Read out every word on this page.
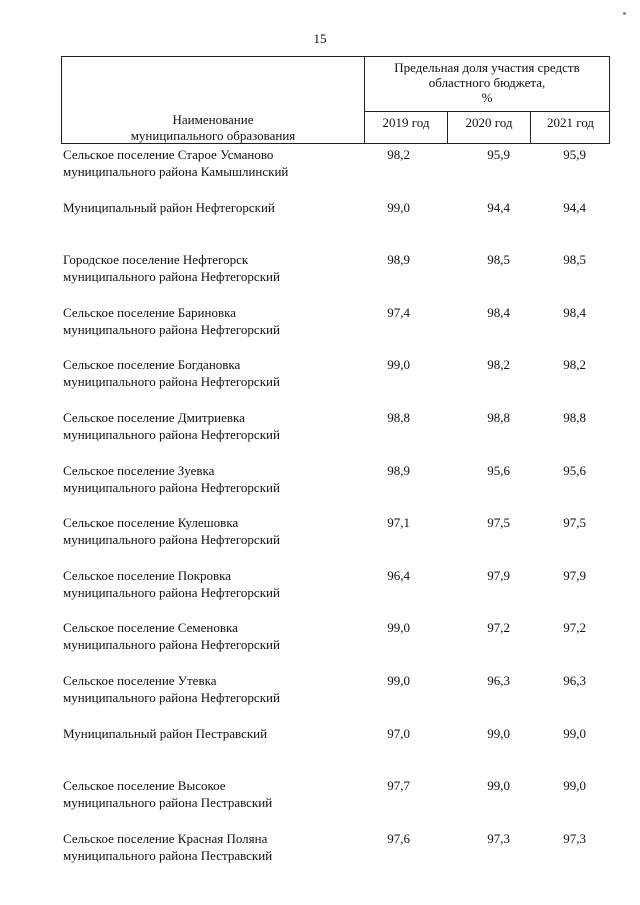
15
Наименование
муниципального образования
Предельная доля участия средств
областного бюджета,
%
2019 год	2020 год	2021 год
Сельское поселение Старое Усманово
муниципального района Камышлинский
98,2	95,9	95,9
Муниципальный район Нефтегорский	99,0	94,4	94,4
Городское поселение Нефтегорск
муниципального района Нефтегорский
98,9	98,5	98,5
Сельское поселение Бариновка
муниципального района Нефтегорский
97,4	98,4	98,4
Сельское поселение Богдановка
муниципального района Нефтегорский
99,0	98,2	98,2
Сельское поселение Дмитриевка
муниципального района Нефтегорский
98,8	98,8	98,8
Сельское поселение Зуевка
муниципального района Нефтегорский
98,9	95,6	95,6
Сельское поселение Кулешовка
муниципального района Нефтегорский
97,1	97,5	97,5
Сельское поселение Покровка
муниципального района Нефтегорский
96,4	97,9	97,9
Сельское поселение Семеновка
муниципального района Нефтегорский
99,0	97,2	97,2
Сельское поселение Утевка
муниципального района Нефтегорский
99,0	96,3	96,3
Муниципальный район Пестравский	97,0	99,0	99,0
Сельское поселение Высокое
муниципального района Пестравский
97,7	99,0	99,0
Сельское поселение Красная Поляна
муниципального района Пестравский
97,6	97,3	97,3
